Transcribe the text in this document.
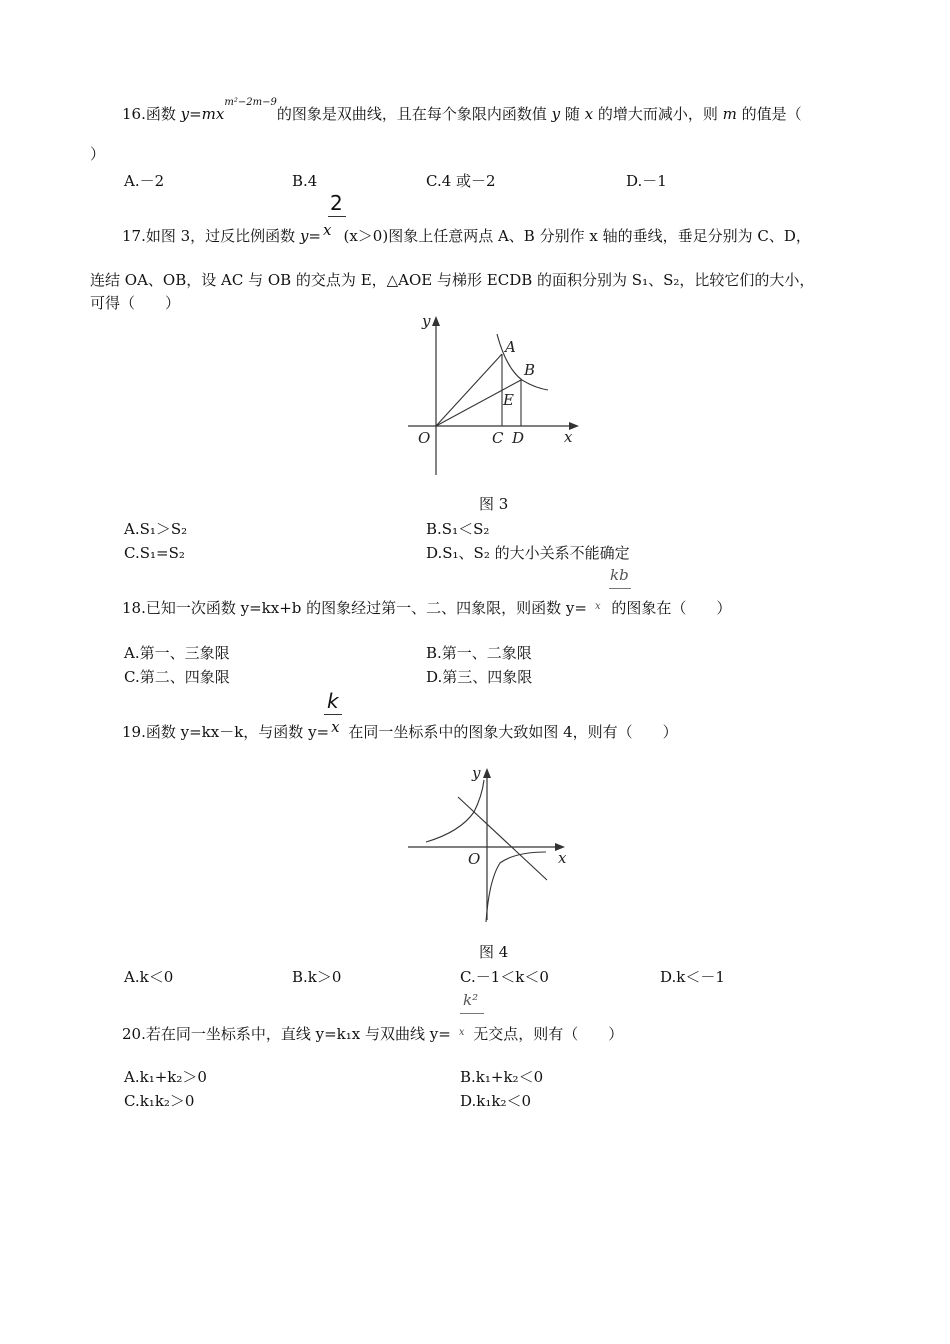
16.函数 $y=mx^{m^2-2m-9}$的图象是双曲线，且在每个象限内函数值 y 随 x 的增大而减小，则 m 的值是（
）
A.－2	B.4	C.4 或－2	D.－1
2
17.如图 3，过反比例函数 y= x (x＞0)图象上任意两点 A、B 分别作 x 轴的垂线，垂足分别为 C、D，
连结 OA、OB，设 AC 与 OB 的交点为 E，△AOE 与梯形 ECDB 的面积分别为 S₁、S₂，比较它们的大小，
可得（　　）
y
A
B
E
O	C D	x
图 3
A.S₁＞S₂	B.S₁＜S₂
C.S₁=S₂	D.S₁、S₂ 的大小关系不能确定
kb
18.已知一次函数 y=kx+b 的图象经过第一、二、四象限，则函数 y= $^x$ 的图象在（　　）
A.第一、三象限	B.第一、二象限
C.第二、四象限	D.第三、四象限
k
19.函数 y=kx－k，与函数 y= x 在同一坐标系中的图象大致如图 4，则有（　　）
y
O	x
图 4
A.k＜0	B.k＞0	C.－1＜k＜0	D.k＜－1
k²
20.若在同一坐标系中，直线 y=k₁x 与双曲线 y= $^x$ 无交点，则有（　　）
A.k₁+k₂＞0	B.k₁+k₂＜0
C.k₁k₂＞0	D.k₁k₂＜0
